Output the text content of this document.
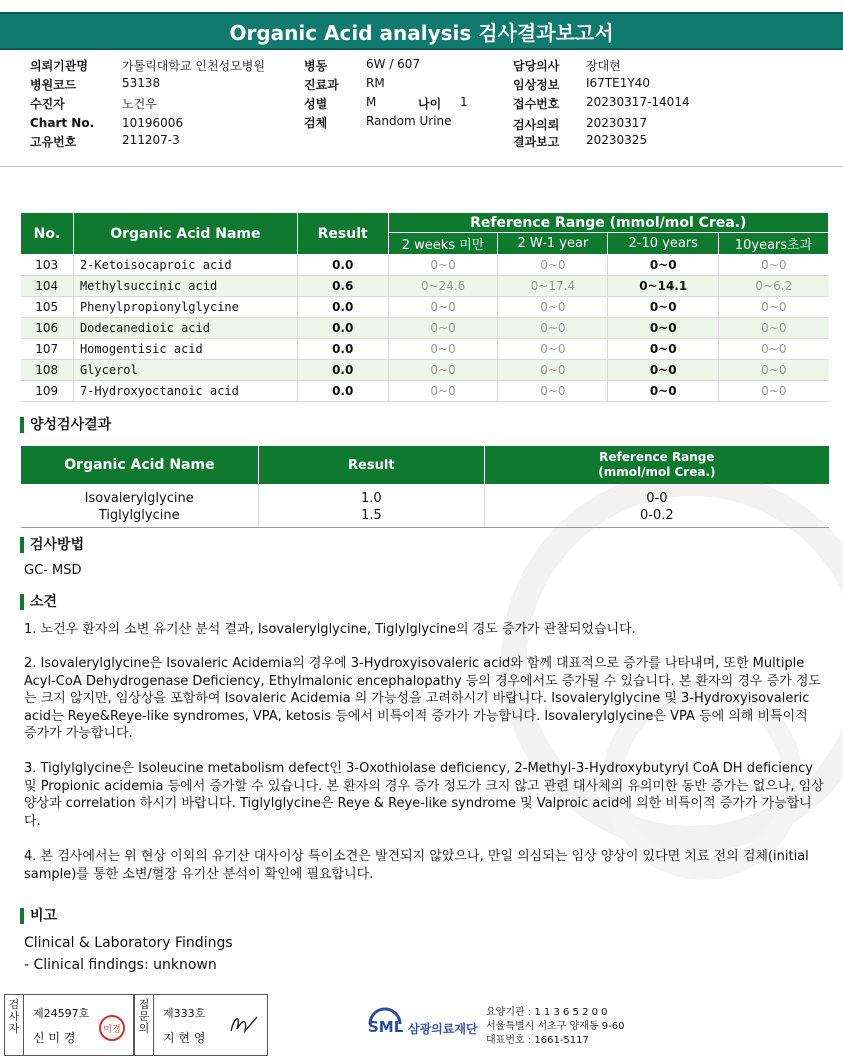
Organic Acid analysis 검사결과보고서
의뢰기관명	가톨릭대학교 인천성모병원
병원코드	53138
수진자	노건우
Chart No. 10196006
고유번호	211207-3
병동	6W / 607
진료과 RM
성별	M	나이 1
검체	Random Urine
담당의사 장대현
임상정보 I67TE1Y40
접수번호 20230317-14014
검사의뢰 20230317
결과보고 20230325
No.	Organic Acid Name	Result	Reference Range (mmol/mol Crea.)			
			2 weeks 미만	2 W-1 year	2-10 years	10years초과
103	2-Ketoisocaproic acid	0.0	0~0	0~0	0~0	0~0
104	Methylsuccinic acid	0.6	0~24.6	0~17.4	0~14.1	0~6.2
105	Phenylpropionylglycine	0.0	0~0	0~0	0~0	0~0
106	Dodecanedioic acid	0.0	0~0	0~0	0~0	0~0
107	Homogentisic acid	0.0	0~0	0~0	0~0	0~0
108	Glycerol	0.0	0~0	0~0	0~0	0~0
109	7-Hydroxyoctanoic acid	0.0	0~0	0~0	0~0	0~0
양성검사결과
Organic Acid Name	Result	Reference Range
(mmol/mol Crea.)

Isovalerylglycine	1.0	0-0
Tiglylglycine	1.5	0-0.2
검사방법
GC- MSD
소견
1. 노건우 환자의 소변 유기산 분석 결과, Isovalerylglycine, Tiglylglycine의 경도 증가가 관찰되었습니다.
2. Isovalerylglycine은 Isovaleric Acidemia의 경우에 3-Hydroxyisovaleric acid와 함께 대표적으로 증가를 나타내며, 또한 Multiple Acyl-CoA Dehydrogenase Deficiency, Ethylmalonic encephalopathy 등의 경우에서도 증가될 수 있습니다. 본 환자의 경우 증가 정도는 크지 않지만, 임상상을 포함하여 Isovaleric Acidemia 의 가능성을 고려하시기 바랍니다. Isovalerylglycine 및 3-Hydroxyisovaleric acid는 Reye&Reye-like syndromes, VPA, ketosis 등에서 비특이적 증가가 가능합니다. Isovalerylglycine은 VPA 등에 의해 비특이적 증가가 가능합니다.
3. Tiglylglycine은 Isoleucine metabolism defect인 3-Oxothiolase deficiency, 2-Methyl-3-Hydroxybutyryl CoA DH deficiency 및 Propionic acidemia 등에서 증가할 수 있습니다. 본 환자의 경우 증가 정도가 크지 않고 관련 대사체의 유의미한 동반 증가는 없으나, 임상 양상과 correlation 하시기 바랍니다. Tiglylglycine은 Reye & Reye-like syndrome 및 Valproic acid에 의한 비특이적 증가가 가능합니다.
4. 본 검사에서는 위 현상 이외의 유기산 대사이상 특이소견은 발견되지 않았으나, 만일 의심되는 임상 양상이 있다면 치료 전의 검체(initial sample)를 통한 소변/혈장 유기산 분석이 확인에 필요합니다.
비고
Clinical & Laboratory Findings
- Clinical findings: unknown
검사자
제24597호
신 미 경
미경
접문의
제333호
지 현 영
SML 삼광의료재단
요양기관 : 1 1 3 6 5 2 0 0
서울특별시 서초구 양재동 9-60
대표번호 : 1661-5117
